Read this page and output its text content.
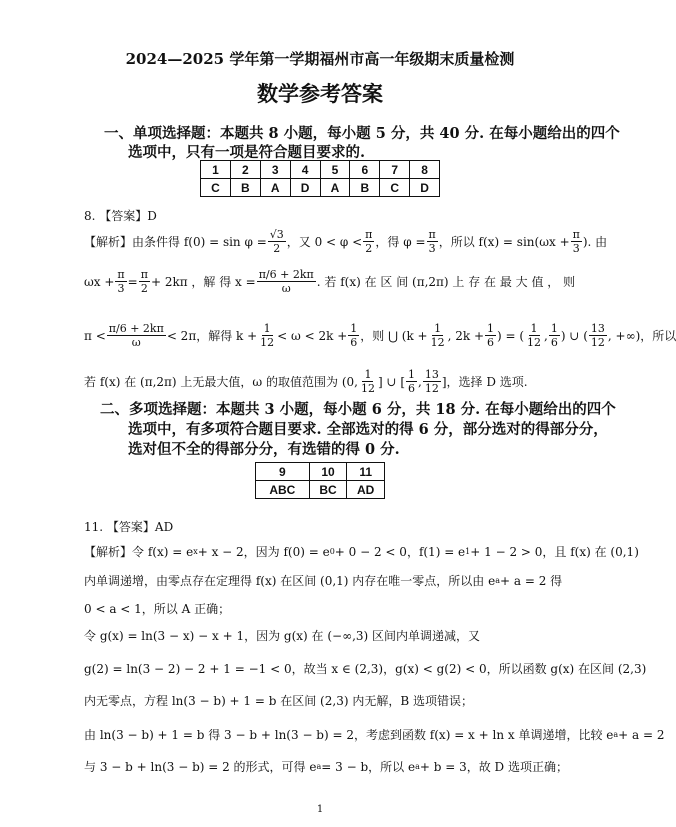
2024—2025 学年第一学期福州市高一年级期末质量检测
数学参考答案
一、单项选择题：本题共 8 小题，每小题 5 分，共 40 分. 在每小题给出的四个
选项中，只有一项是符合题目要求的.
1	2	3	4	5	6	7	8
C	B	A	D	A	B	C	D
8. 【答案】D
【解析】由条件得 $f(0) = \sin \varphi = \frac{√3}{2}$ ，又 $0 < \varphi < \frac{\pi}{2}$ ，得 $\varphi = \frac{\pi}{3}$ ，所以 $f(x) = \sin(\omega x + \frac{\pi}{3}$ ). 由
$\omega x + \frac{\pi}{3} = \frac{\pi}{2} + 2k\pi$ ，解 得 $x = \frac{\pi/6 + 2k\pi}{\omega}$ . 若 f(x) 在 区 间 (π,2π) 上 存 在 最 大 值 ， 则
$\pi < \frac{\pi/6 + 2k\pi}{\omega} < 2\pi$，解得 $k + \frac{1}{12} < \omega < 2k + \frac{1}{6}$ ，则 ⋃ ($k + \frac{1}{12}$ , $2k + \frac{1}{6}$ ) = ( $\frac{1}{12}$ , $\frac{1}{6}$ ) ∪ ( $\frac{13}{12}$ , +∞)，所以
若 f(x) 在 (π,2π) 上无最大值，ω 的取值范围为 (0, $\frac{1}{12}$ ] ∪ [ $\frac{1}{6}$ , $\frac{13}{12}$ ]，选择 D 选项.
二、多项选择题：本题共 3 小题，每小题 6 分，共 18 分. 在每小题给出的四个
选项中，有多项符合题目要求. 全部选对的得 6 分，部分选对的得部分分，
选对但不全的得部分分，有选错的得 0 分.
9	10	11
ABC	BC	AD
11. 【答案】AD
【解析】令 f(x) = e x + x − 2，因为 f(0) = e 0 + 0 − 2 < 0，f(1) = e 1 + 1 − 2 > 0，且 f(x) 在 (0,1)
内单调递增，由零点存在定理得 f(x) 在区间 (0,1) 内存在唯一零点，所以由 e a + a = 2 得
0 < a < 1，所以 A 正确；
令 g(x) = ln(3 − x) − x + 1，因为 g(x) 在 (−∞,3) 区间内单调递减，又
g(2) = ln(3 − 2) − 2 + 1 = −1 < 0，故当 x ∈ (2,3)，g(x) < g(2) < 0，所以函数 g(x) 在区间 (2,3)
内无零点，方程 ln(3 − b) + 1 = b 在区间 (2,3) 内无解，B 选项错误；
由 ln(3 − b) + 1 = b 得 3 − b + ln(3 − b) = 2，考虑到函数 f(x) = x + ln x 单调递增，比较 e a + a = 2
与 3 − b + ln(3 − b) = 2 的形式，可得 e a = 3 − b，所以 e a + b = 3，故 D 选项正确；
1
